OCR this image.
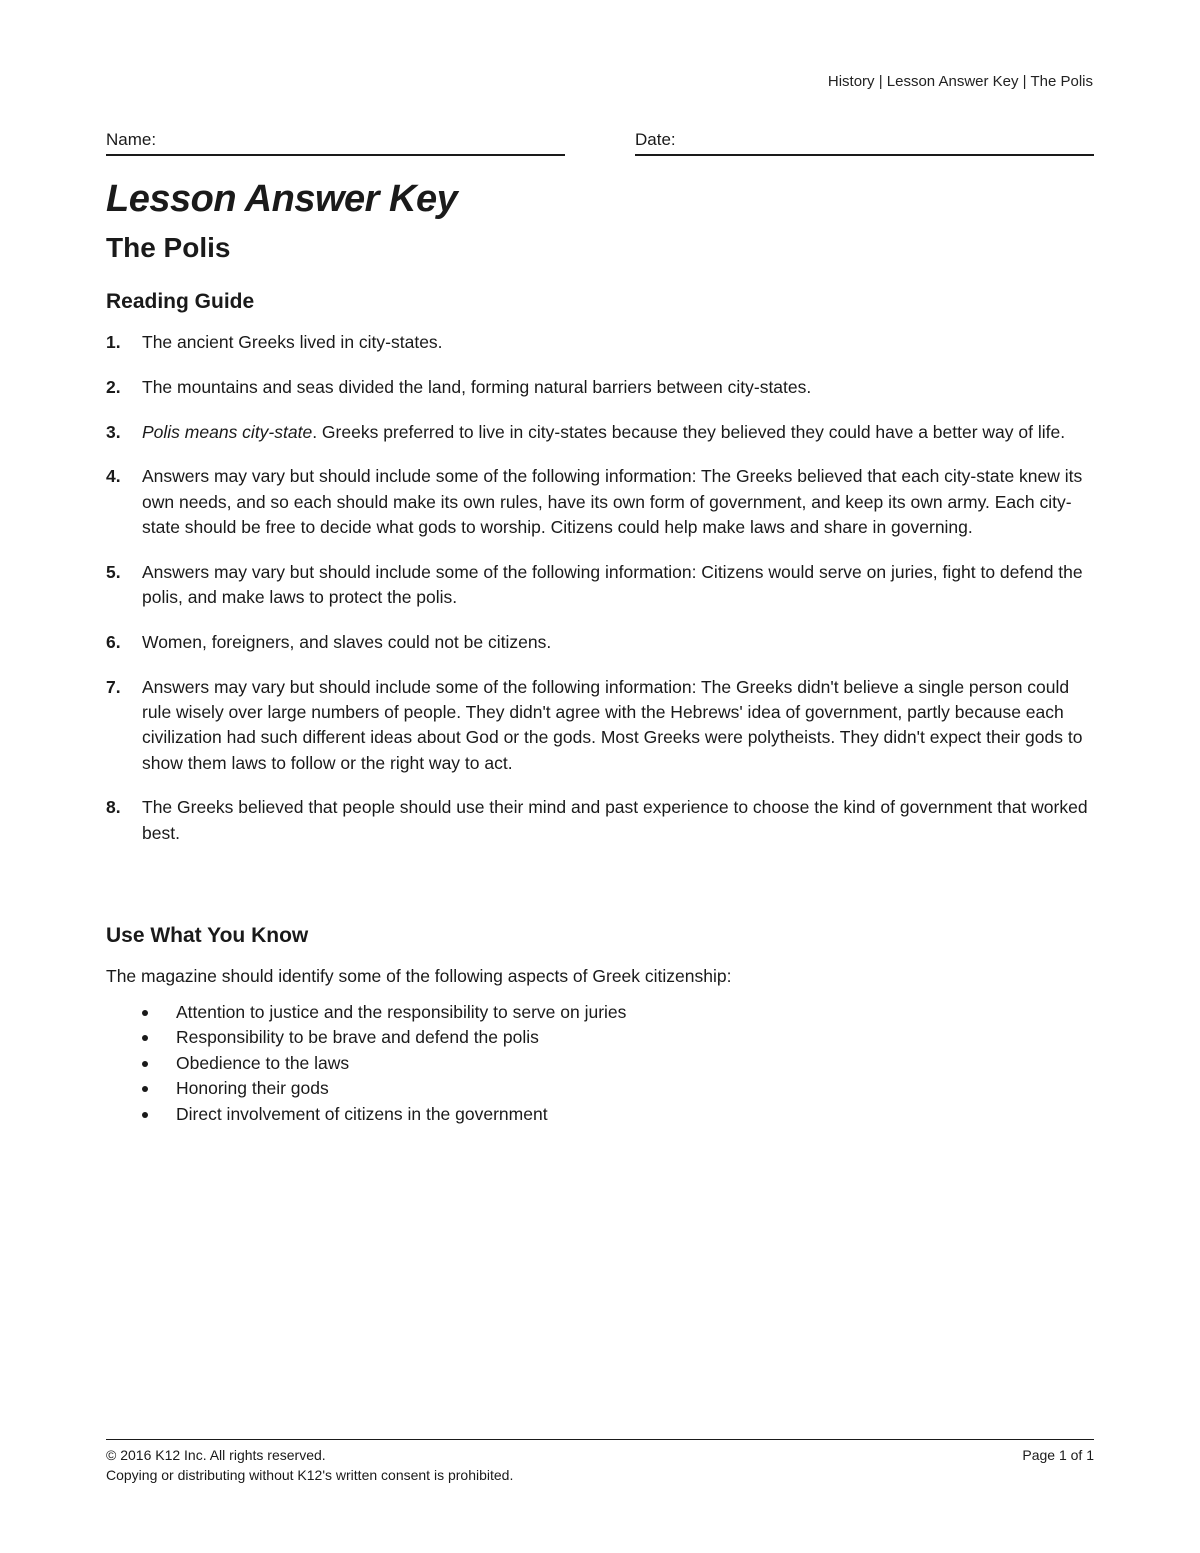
History | Lesson Answer Key | The Polis
Name:	Date:
Lesson Answer Key
The Polis
Reading Guide
1. The ancient Greeks lived in city-states.
2. The mountains and seas divided the land, forming natural barriers between city-states.
3. Polis means city-state. Greeks preferred to live in city-states because they believed they could have a better way of life.
4. Answers may vary but should include some of the following information: The Greeks believed that each city-state knew its own needs, and so each should make its own rules, have its own form of government, and keep its own army. Each city-state should be free to decide what gods to worship. Citizens could help make laws and share in governing.
5. Answers may vary but should include some of the following information: Citizens would serve on juries, fight to defend the polis, and make laws to protect the polis.
6. Women, foreigners, and slaves could not be citizens.
7. Answers may vary but should include some of the following information: The Greeks didn't believe a single person could rule wisely over large numbers of people. They didn't agree with the Hebrews' idea of government, partly because each civilization had such different ideas about God or the gods. Most Greeks were polytheists. They didn't expect their gods to show them laws to follow or the right way to act.
8. The Greeks believed that people should use their mind and past experience to choose the kind of government that worked best.
Use What You Know

The magazine should identify some of the following aspects of Greek citizenship:

Attention to justice and the responsibility to serve on juries
Responsibility to be brave and defend the polis
Obedience to the laws
Honoring their gods
Direct involvement of citizens in the government
© 2016 K12 Inc. All rights reserved.
Copying or distributing without K12's written consent is prohibited.
Page 1 of 1
